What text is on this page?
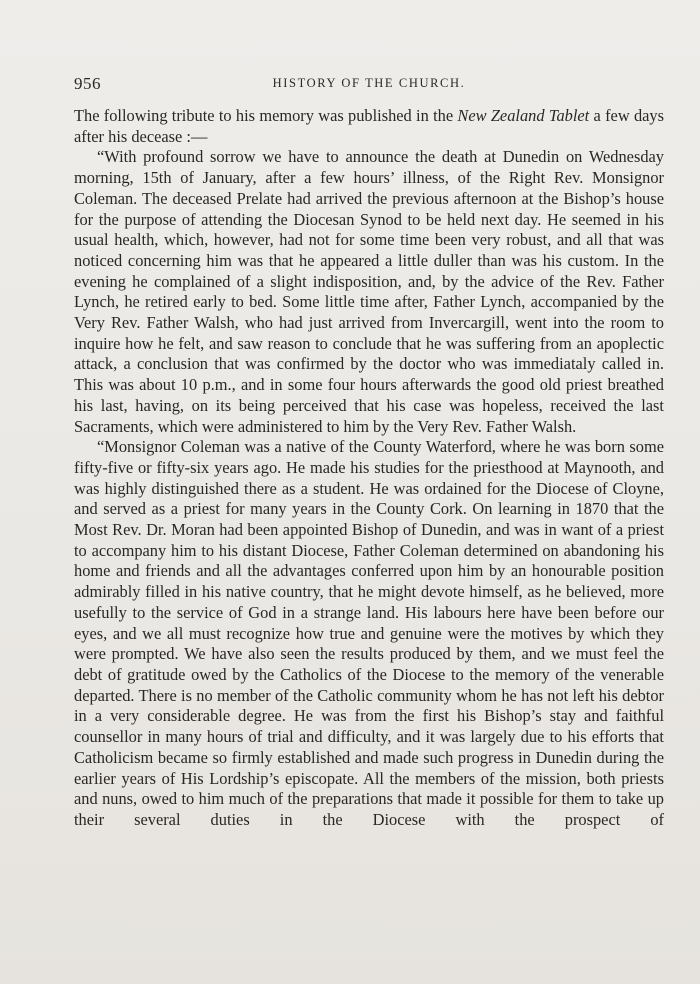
956	HISTORY OF THE CHURCH.

The following tribute to his memory was published in the New Zealand Tablet a few days after his decease :—

“With profound sorrow we have to announce the death at Dunedin on Wednesday morning, 15th of January, after a few hours’ illness, of the Right Rev. Monsignor Coleman. The deceased Prelate had arrived the previous afternoon at the Bishop’s house for the purpose of attending the Diocesan Synod to be held next day. He seemed in his usual health, which, however, had not for some time been very robust, and all that was noticed concerning him was that he appeared a little duller than was his custom. In the evening he complained of a slight indisposition, and, by the advice of the Rev. Father Lynch, he retired early to bed. Some little time after, Father Lynch, accompanied by the Very Rev. Father Walsh, who had just arrived from Invercargill, went into the room to inquire how he felt, and saw reason to conclude that he was suffering from an apoplectic attack, a conclusion that was confirmed by the doctor who was immediataly called in. This was about 10 p.m., and in some four hours afterwards the good old priest breathed his last, having, on its being perceived that his case was hopeless, received the last Sacraments, which were administered to him by the Very Rev. Father Walsh.

“Monsignor Coleman was a native of the County Waterford, where he was born some fifty-five or fifty-six years ago. He made his studies for the priesthood at Maynooth, and was highly distinguished there as a student. He was ordained for the Diocese of Cloyne, and served as a priest for many years in the County Cork. On learning in 1870 that the Most Rev. Dr. Moran had been appointed Bishop of Dunedin, and was in want of a priest to accompany him to his distant Diocese, Father Coleman determined on abandoning his home and friends and all the advantages conferred upon him by an honourable position admirably filled in his native country, that he might devote himself, as he believed, more usefully to the service of God in a strange land. His labours here have been before our eyes, and we all must recognize how true and genuine were the motives by which they were prompted. We have also seen the results produced by them, and we must feel the debt of gratitude owed by the Catholics of the Diocese to the memory of the venerable departed. There is no member of the Catholic community whom he has not left his debtor in a very considerable degree. He was from the first his Bishop’s stay and faithful counsellor in many hours of trial and difficulty, and it was largely due to his efforts that Catholicism became so firmly established and made such progress in Dunedin during the earlier years of His Lordship’s episcopate. All the members of the mission, both priests and nuns, owed to him much of the preparations that made it possible for them to take up their several duties in the Diocese with the prospect of
